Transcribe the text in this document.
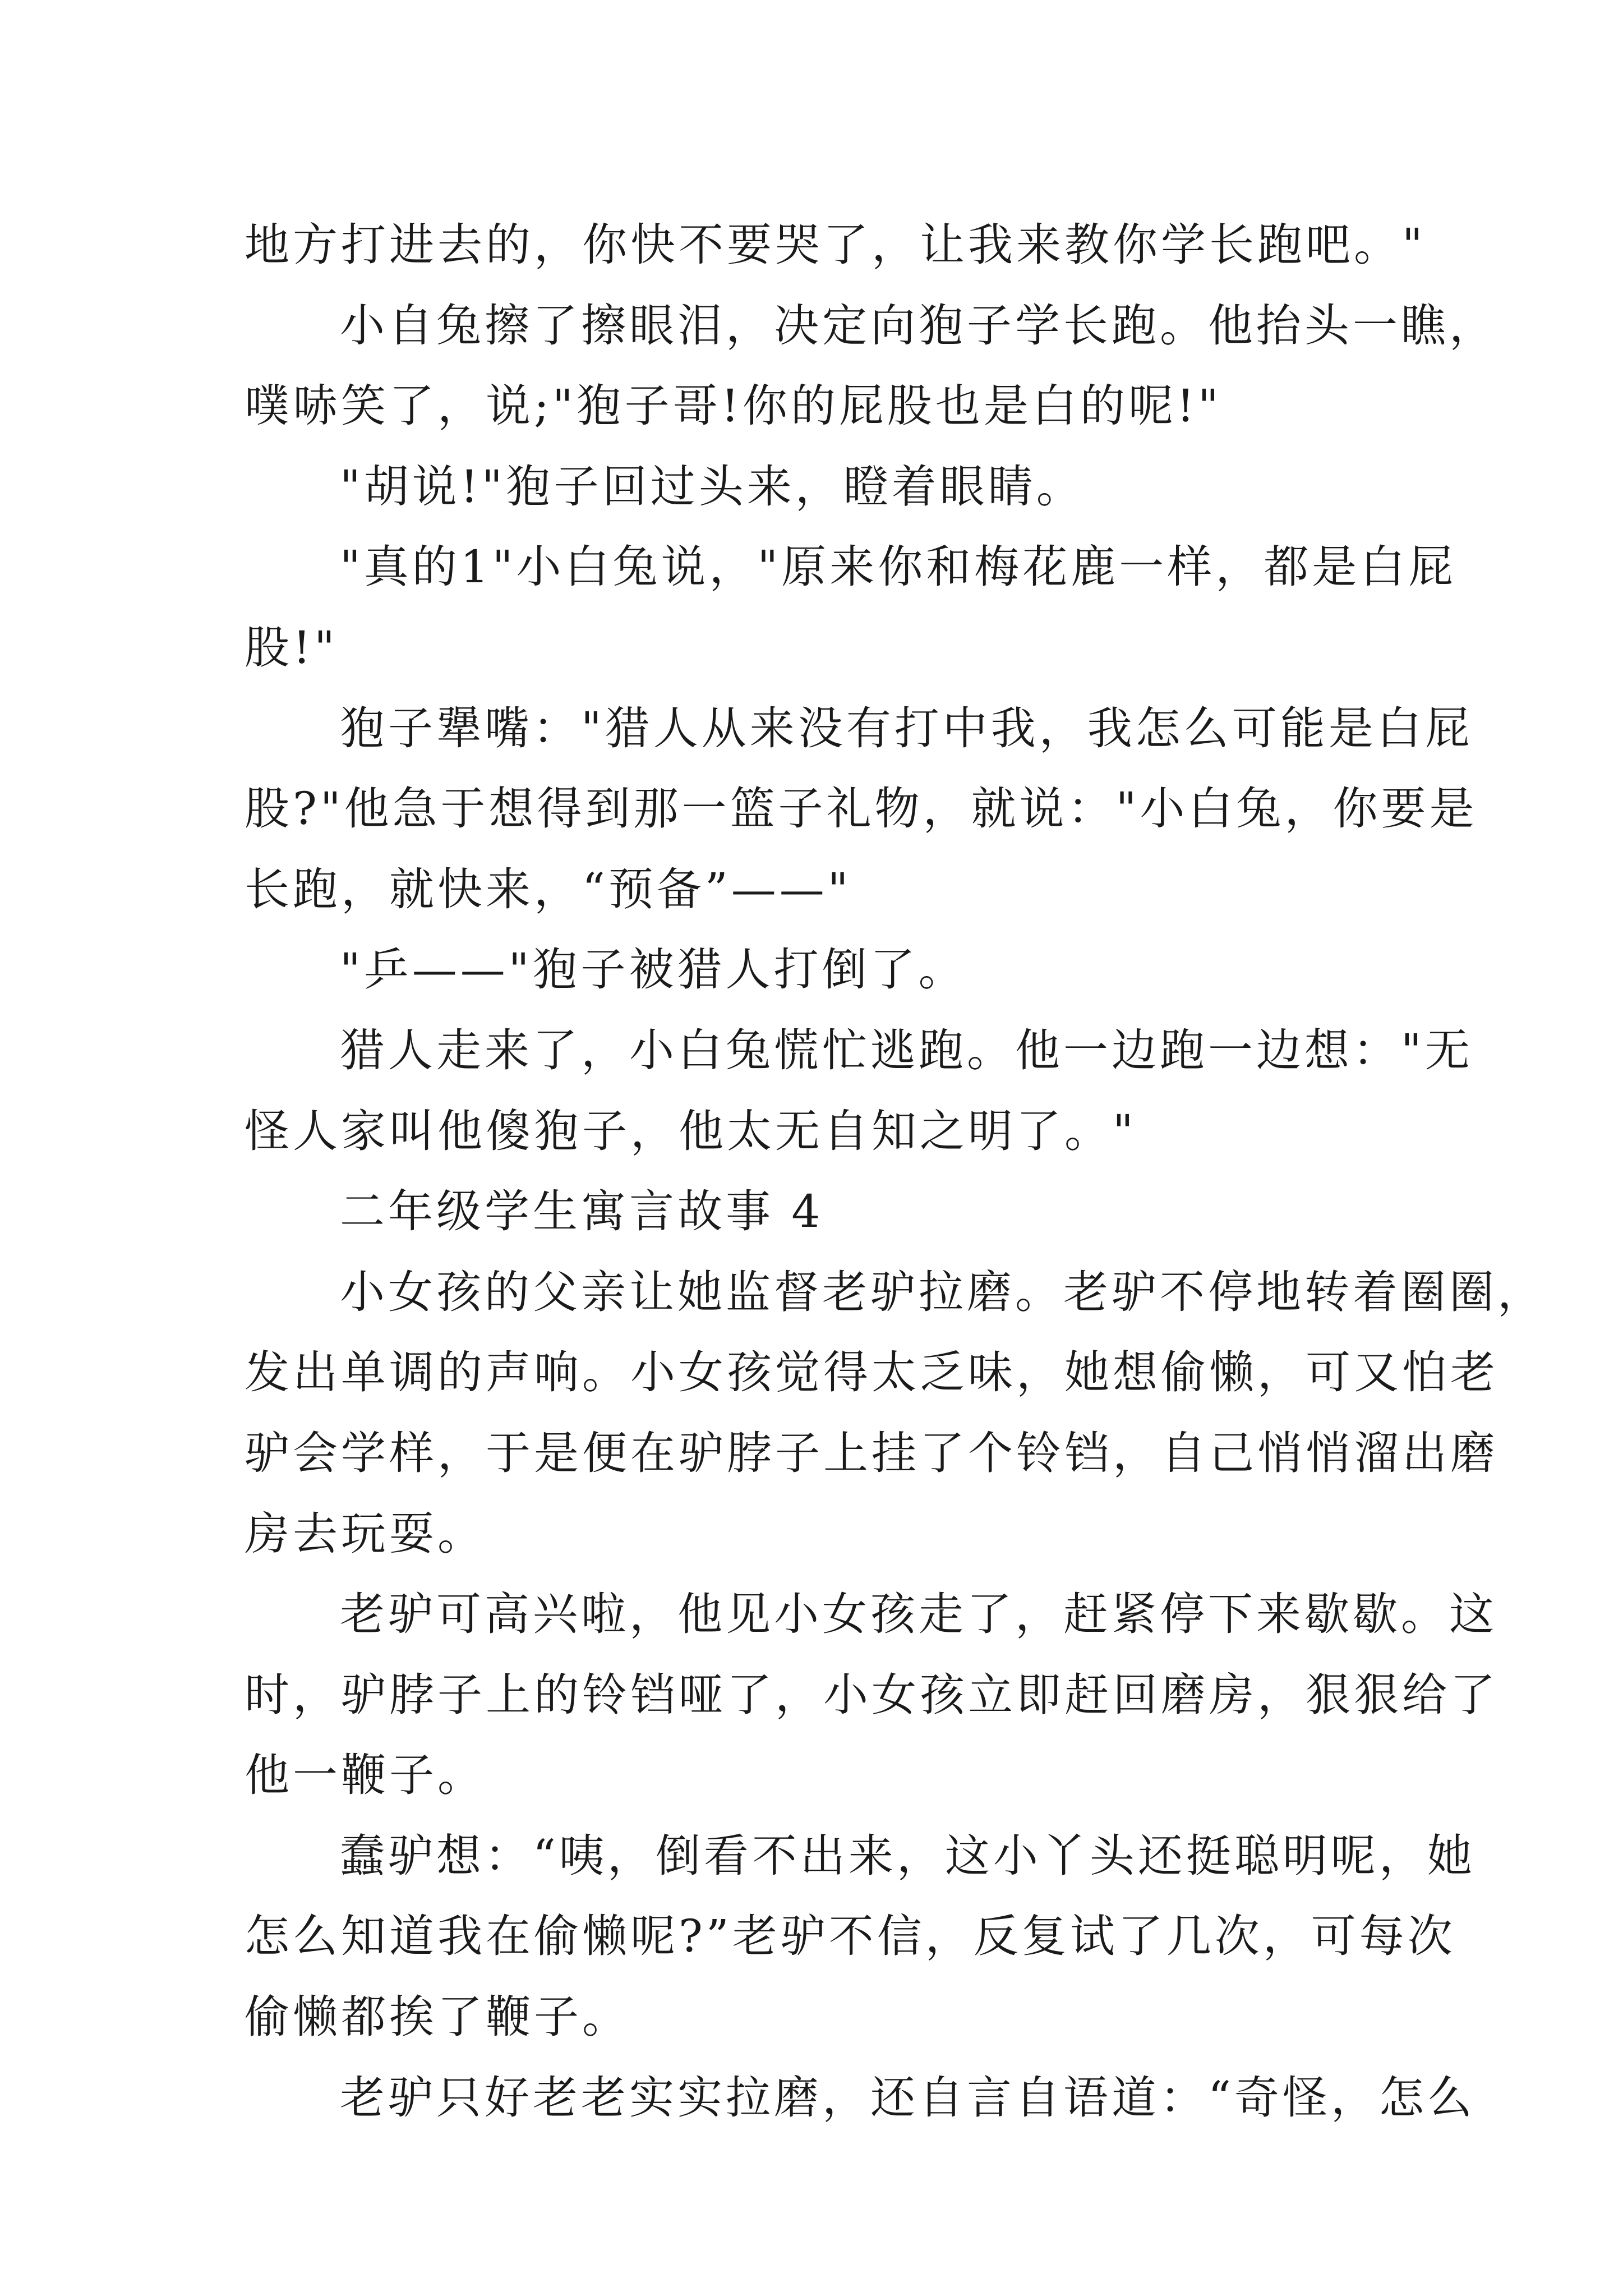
地方打进去的，你快不要哭了，让我来教你学长跑吧。"
小自兔擦了擦眼泪，决定向狍子学长跑。他抬头一瞧，
噗哧笑了，说;"狍子哥!你的屁股也是白的呢!"
"胡说!"狍子回过头来，瞪着眼睛。
"真的1"小白兔说，"原来你和梅花鹿一样，都是白屁
股!"
狍子犟嘴："猎人从来没有打中我，我怎么可能是白屁
股?"他急于想得到那一篮子礼物，就说："小白兔，你要是
长跑，就快来，“预备”——"
"乒——"狍子被猎人打倒了。
猎人走来了，小白兔慌忙逃跑。他一边跑一边想："无
怪人家叫他傻狍子，他太无自知之明了。"
二年级学生寓言故事 4
小女孩的父亲让她监督老驴拉磨。老驴不停地转着圈圈，
发出单调的声响。小女孩觉得太乏味，她想偷懒，可又怕老
驴会学样，于是便在驴脖子上挂了个铃铛，自己悄悄溜出磨
房去玩耍。
老驴可高兴啦，他见小女孩走了，赶紧停下来歇歇。这
时，驴脖子上的铃铛哑了，小女孩立即赶回磨房，狠狠给了
他一鞭子。
蠢驴想：“咦，倒看不出来，这小丫头还挺聪明呢，她
怎么知道我在偷懒呢?”老驴不信，反复试了几次，可每次
偷懒都挨了鞭子。
老驴只好老老实实拉磨，还自言自语道：“奇怪，怎么
